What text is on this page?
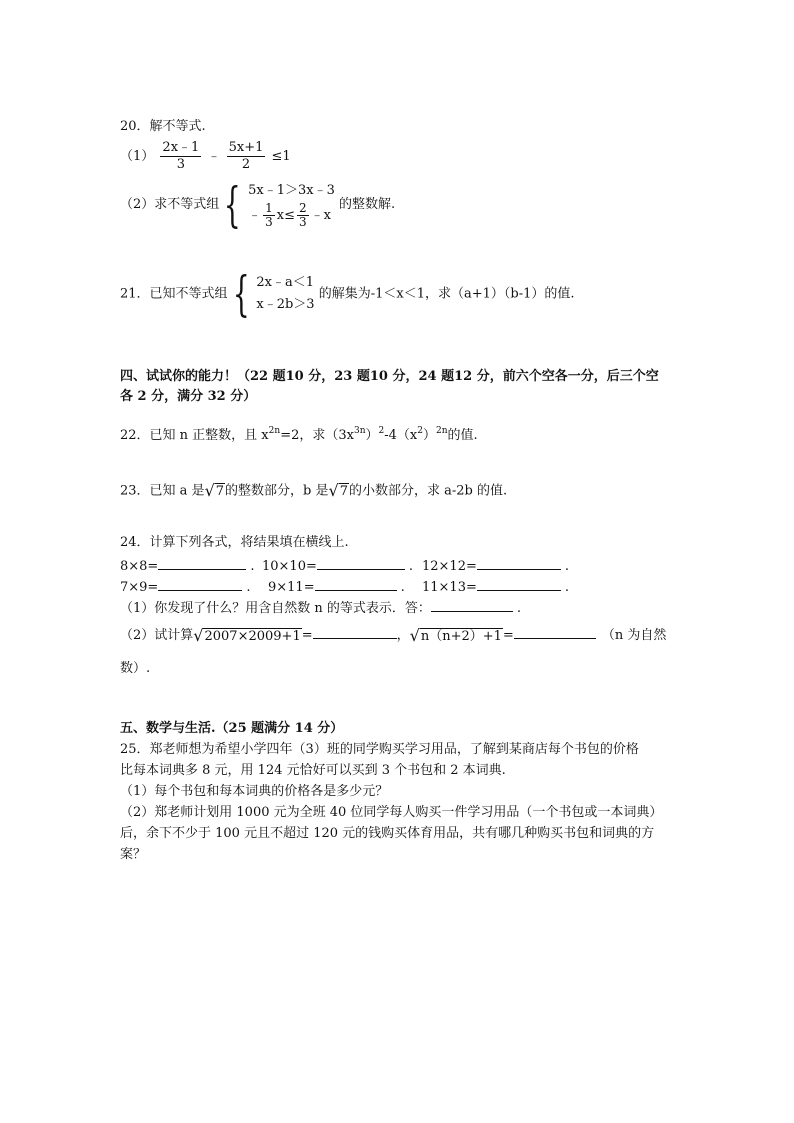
20．解不等式.
$(1) \frac{2x﹣1}{3}$ ﹣ $\frac{5x+1}{2} \le 1$
（2）求不等式组 { 5x﹣1＞3x﹣3
﹣ $\frac{1}{3} x\le \frac{2}{3}$ ﹣x
的整数解.
21．已知不等式组 { 2x﹣a＜1
x﹣2b＞3
的解集为-1＜x＜1，求（a+1）（b-1）的值.
四、试试你的能力！（22 题10 分，23 题10 分，24 题12 分，前六个空各一分，后三个空
各 2 分，满分 32 分）
22．已知 n 正整数，且 $x^{2n}=2$，求$(3x^{3n})^2-4(x^2)^{2n}$的值.
23．已知 a 是 √ 7 的整数部分，b 是 √ 7 的小数部分，求 a-2b 的值.
24．计算下列各式，将结果填在横线上.
8×8=	. 10×10=	. 12×12=	.
7×9=	. 9×11=	. 11×13=	.
（1）你发现了什么？用含自然数 n 的等式表示．答：	.
（2）试计算 √ 2007×2009+1 =	， √ n（n+2）+1 =	（n 为自然
数）.
五、数学与生活.（25 题满分 14 分）
25．郑老师想为希望小学四年（3）班的同学购买学习用品，了解到某商店每个书包的价格
比每本词典多 8 元，用 124 元恰好可以买到 3 个书包和 2 本词典.
（1）每个书包和每本词典的价格各是多少元？
（2）郑老师计划用 1000 元为全班 40 位同学每人购买一件学习用品（一个书包或一本词典）
后，余下不少于 100 元且不超过 120 元的钱购买体育用品，共有哪几种购买书包和词典的方
案？
